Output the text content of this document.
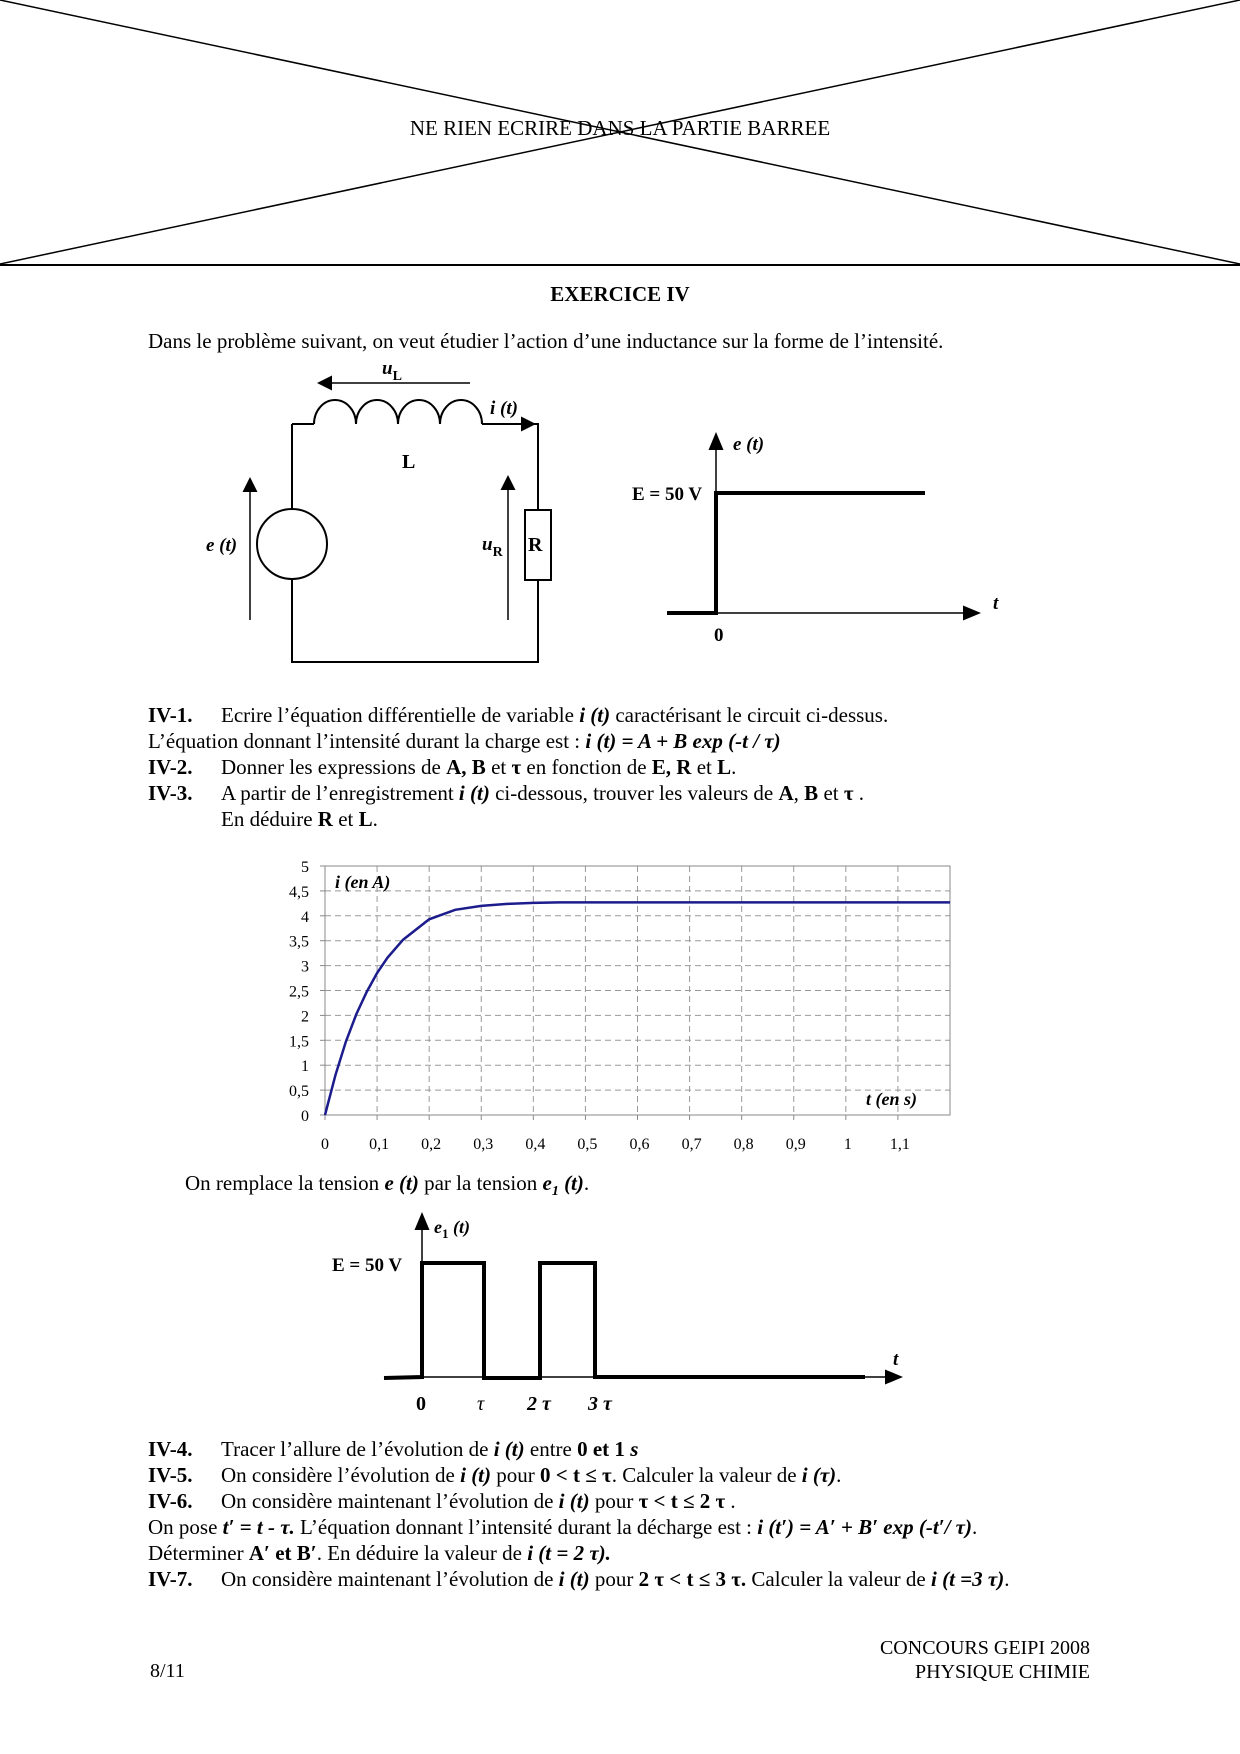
NE RIEN ECRIRE DANS LA PARTIE BARREE
EXERCICE IV
Dans le problème suivant, on veut étudier l’action d’une inductance sur la forme de l’intensité.
$u_L$
i (t)
L
e (t)	R
$u_R$
e (t)
E = 50 V
t
0
IV-1. Ecrire l’équation différentielle de variable i (t) caractérisant le circuit ci-dessus.
L’équation donnant l’intensité durant la charge est : i (t) = A + B exp (-t / τ)
IV-2. Donner les expressions de A, B et τ en fonction de E, R et L.
IV-3. A partir de l’enregistrement i (t) ci-dessous, trouver les valeurs de A, B et τ .
En déduire R et L.
0
0,5
1
1,5
2
2,5
3
3,5
4
4,5
5
0	0,1 0,2 0,3 0,4 0,5 0,6 0,7 0,8 0,9 1 1,1
i (en A)
t (en s)
On remplace la tension e (t) par la tension $e_1$ (t).
$e_1$ (t)
E = 50 V
t
0	τ 2 τ 3 τ
IV-4. Tracer l’allure de l’évolution de i (t) entre 0 et 1 s
IV-5. On considère l’évolution de i (t) pour 0 < t ≤ τ. Calculer la valeur de i (τ).
IV-6. On considère maintenant l’évolution de i (t) pour τ < t ≤ 2 τ .
On pose t′ = t - τ. L’équation donnant l’intensité durant la décharge est : i (t′) = A′ + B′ exp (-t′/ τ).
Déterminer A′ et B′. En déduire la valeur de i (t = 2 τ).
IV-7. On considère maintenant l’évolution de i (t) pour 2 τ < t ≤ 3 τ. Calculer la valeur de i (t =3 τ).
8/11
CONCOURS GEIPI 2008
PHYSIQUE CHIMIE
